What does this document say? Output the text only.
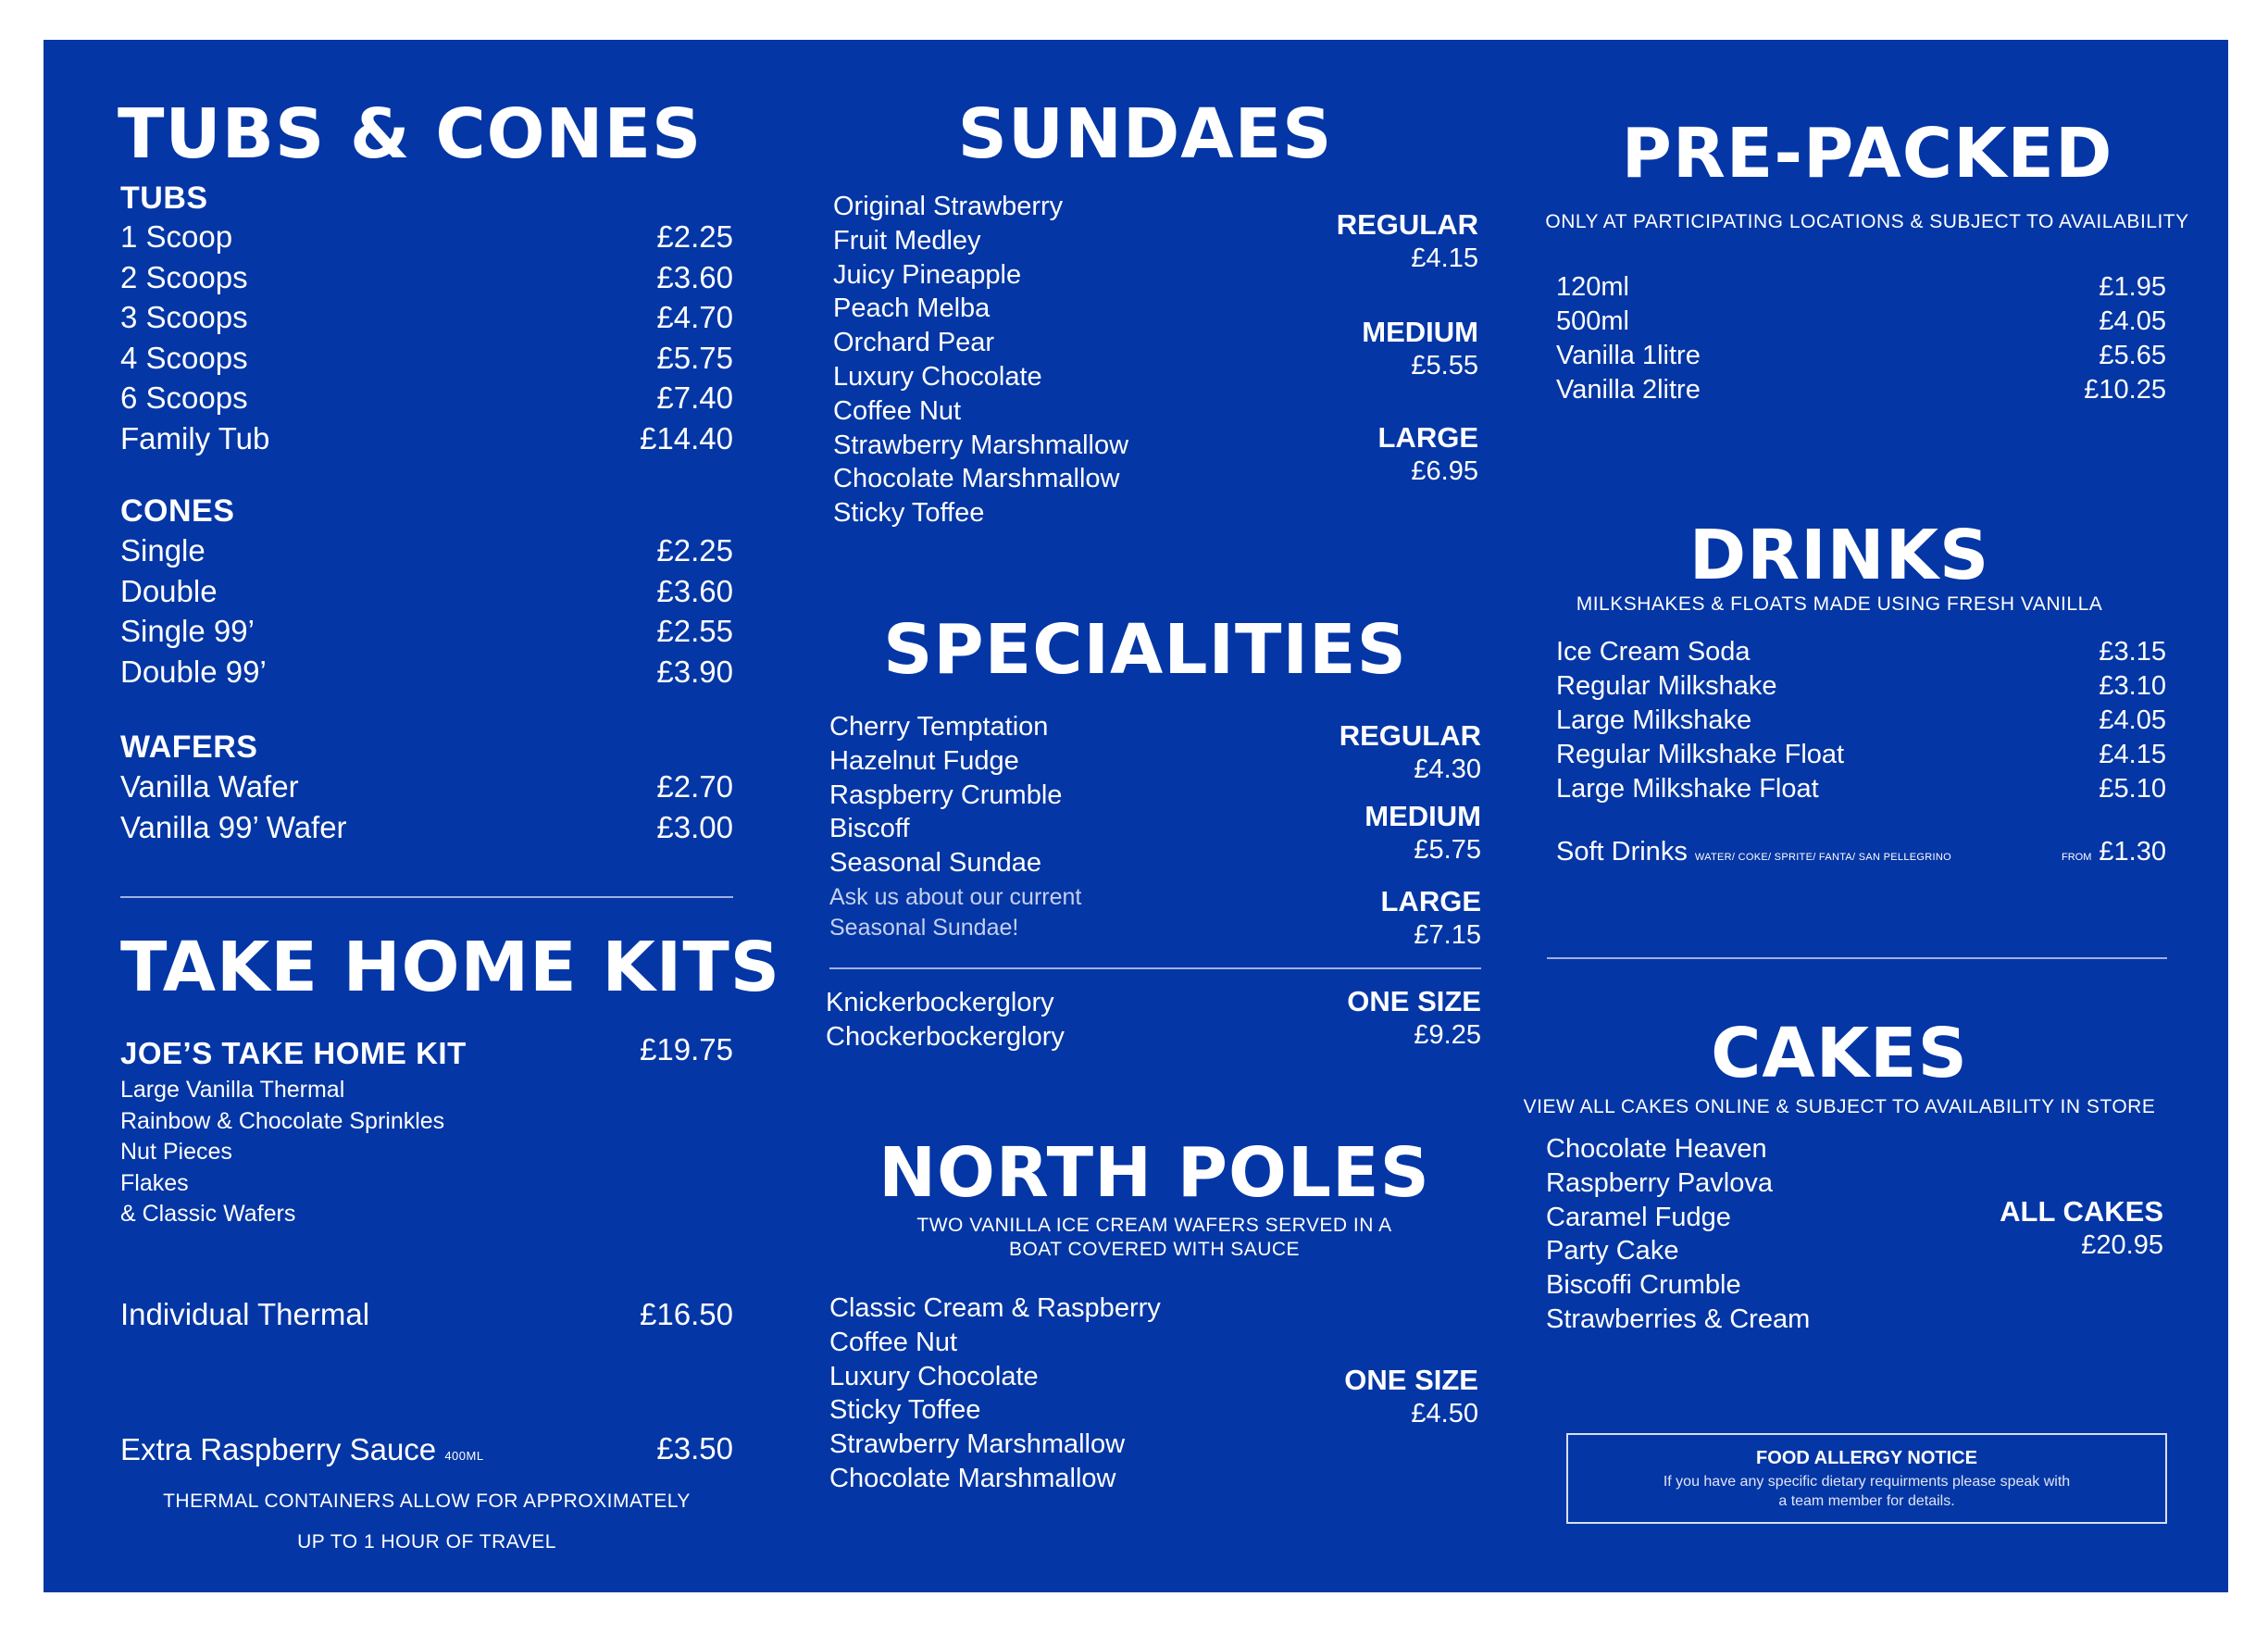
TUBS & CONES
TUBS
1 Scoop	£2.25
2 Scoops	£3.60
3 Scoops	£4.70
4 Scoops	£5.75
6 Scoops	£7.40
Family Tub	£14.40
CONES
Single	£2.25
Double	£3.60
Single 99’	£2.55
Double 99’	£3.90
WAFERS
Vanilla Wafer	£2.70
Vanilla 99’ Wafer	£3.00
TAKE HOME KITS
JOE’S TAKE HOME KIT	£19.75
Large Vanilla Thermal
Rainbow & Chocolate Sprinkles
Nut Pieces
Flakes
& Classic Wafers
Individual Thermal	£16.50
Extra Raspberry Sauce 400ML	£3.50
THERMAL CONTAINERS ALLOW FOR APPROXIMATELY
UP TO 1 HOUR OF TRAVEL
SUNDAES
Original Strawberry
Fruit Medley
Juicy Pineapple
Peach Melba
Orchard Pear
Luxury Chocolate
Coffee Nut
Strawberry Marshmallow
Chocolate Marshmallow
Sticky Toffee
REGULAR
£4.15
MEDIUM
£5.55
LARGE
£6.95
SPECIALITIES
Cherry Temptation
Hazelnut Fudge
Raspberry Crumble
Biscoff
Seasonal Sundae
Ask us about our current
Seasonal Sundae!
REGULAR
£4.30
MEDIUM
£5.75
LARGE
£7.15
Knickerbockerglory
Chockerbockerglory
ONE SIZE
£9.25
NORTH POLES
TWO VANILLA ICE CREAM WAFERS SERVED IN A
BOAT COVERED WITH SAUCE
Classic Cream & Raspberry
Coffee Nut
Luxury Chocolate
Sticky Toffee
Strawberry Marshmallow
Chocolate Marshmallow
ONE SIZE
£4.50
PRE-PACKED
ONLY AT PARTICIPATING LOCATIONS & SUBJECT TO AVAILABILITY
120ml	£1.95
500ml	£4.05
Vanilla 1litre	£5.65
Vanilla 2litre	£10.25
DRINKS
MILKSHAKES & FLOATS MADE USING FRESH VANILLA
Ice Cream Soda	£3.15
Regular Milkshake	£3.10
Large Milkshake	£4.05
Regular Milkshake Float	£4.15
Large Milkshake Float	£5.10
Soft Drinks WATER/ COKE/ SPRITE/ FANTA/ SAN PELLEGRINO	FROM £1.30
CAKES
VIEW ALL CAKES ONLINE & SUBJECT TO AVAILABILITY IN STORE
Chocolate Heaven
Raspberry Pavlova
Caramel Fudge
Party Cake
Biscoffi Crumble
Strawberries & Cream
ALL CAKES
£20.95
FOOD ALLERGY NOTICE
If you have any specific dietary requirments please speak with
a team member for details.
